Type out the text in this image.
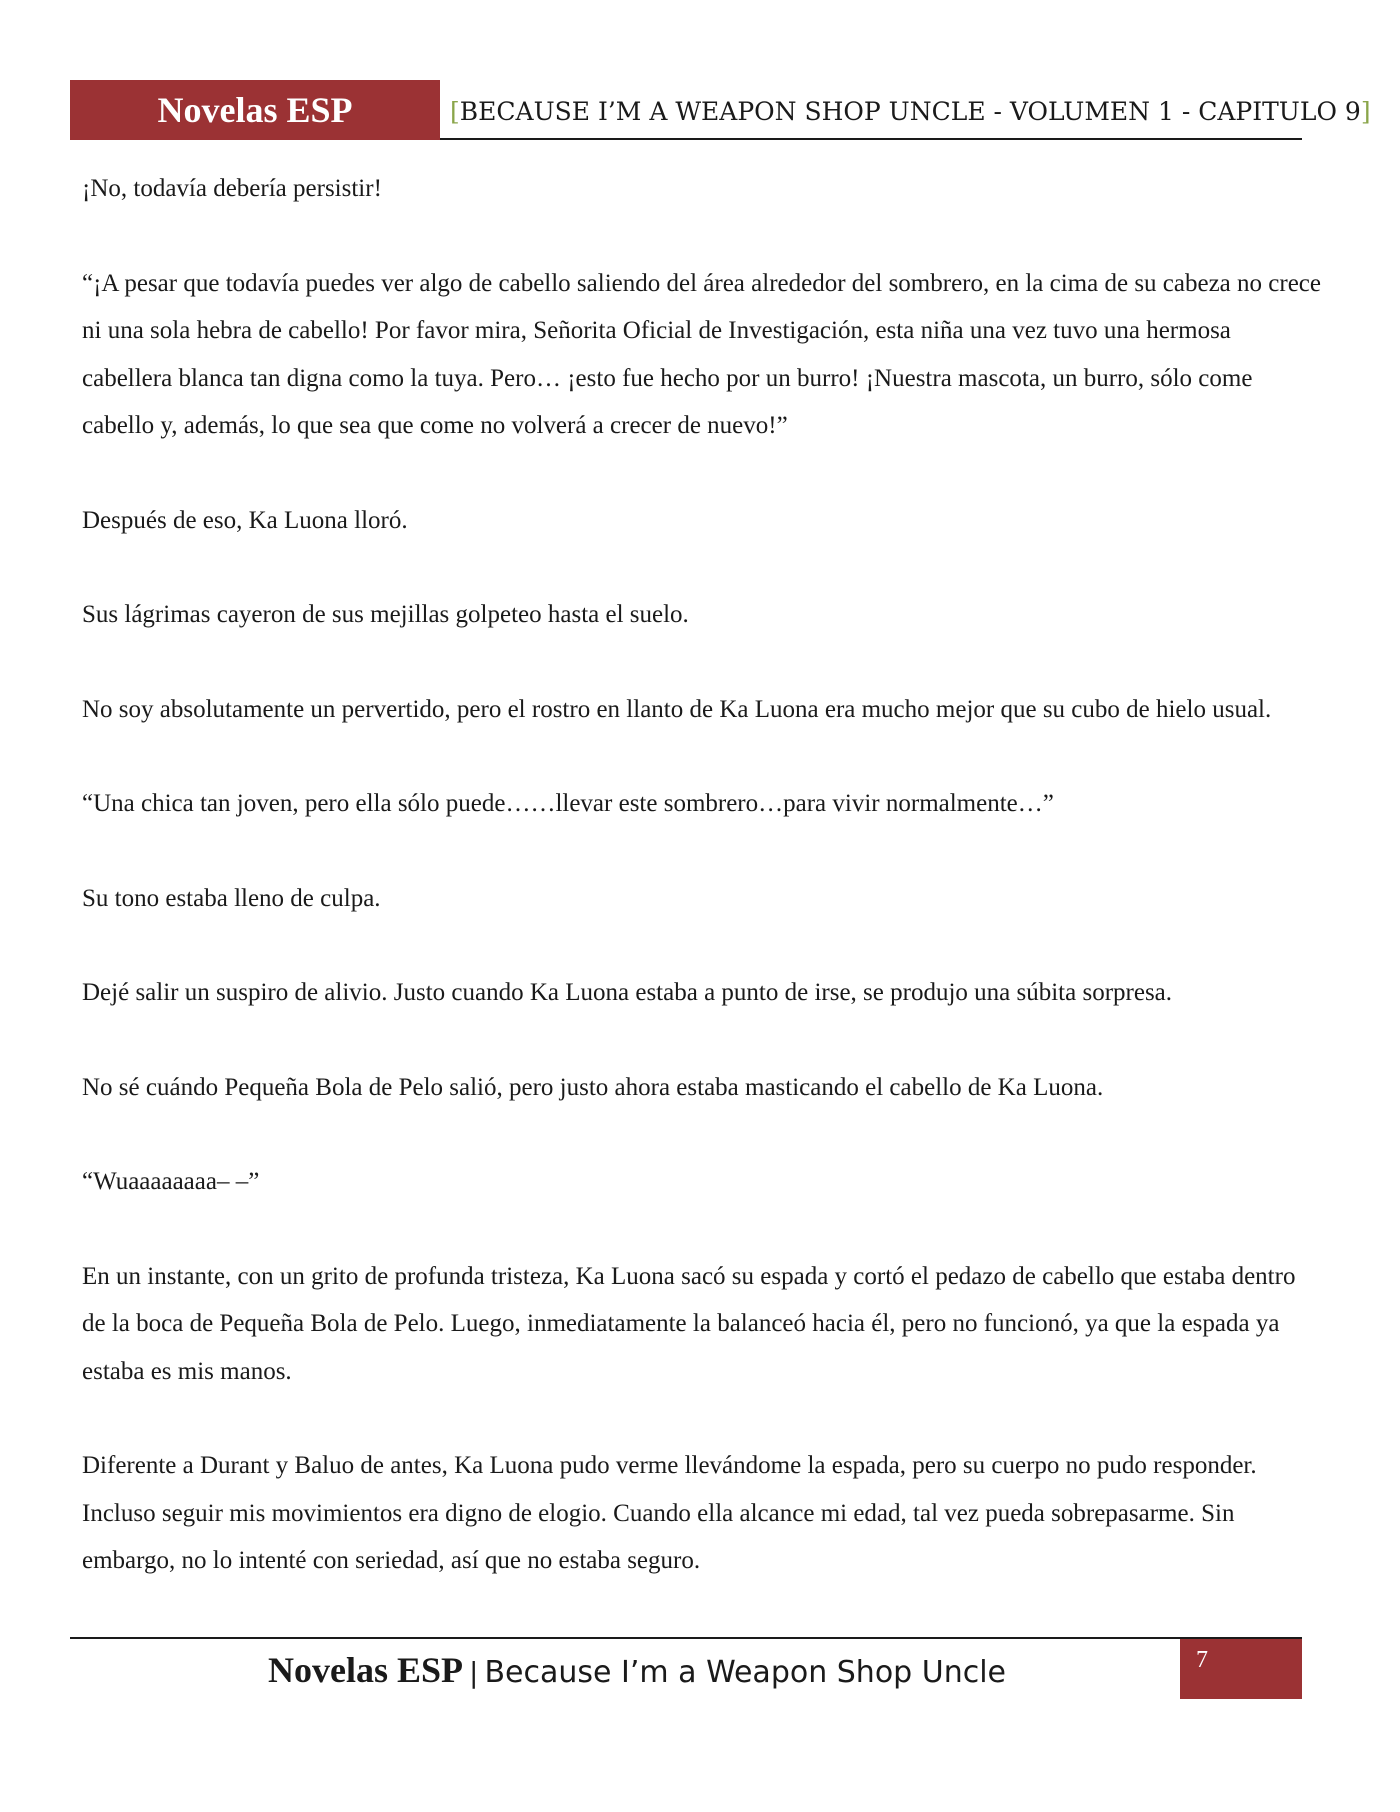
Novelas ESP	[BECAUSE I’M A WEAPON SHOP UNCLE - VOLUMEN 1 - CAPITULO 9]

¡No, todavía debería persistir!

“¡A pesar que todavía puedes ver algo de cabello saliendo del área alrededor del sombrero, en la cima de su cabeza no crece ni una sola hebra de cabello! Por favor mira, Señorita Oficial de Investigación, esta niña una vez tuvo una hermosa cabellera blanca tan digna como la tuya. Pero… ¡esto fue hecho por un burro! ¡Nuestra mascota, un burro, sólo come cabello y, además, lo que sea que come no volverá a crecer de nuevo!”

Después de eso, Ka Luona lloró.

Sus lágrimas cayeron de sus mejillas golpeteo hasta el suelo.

No soy absolutamente un pervertido, pero el rostro en llanto de Ka Luona era mucho mejor que su cubo de hielo usual.

“Una chica tan joven, pero ella sólo puede……llevar este sombrero…para vivir normalmente…”

Su tono estaba lleno de culpa.

Dejé salir un suspiro de alivio. Justo cuando Ka Luona estaba a punto de irse, se produjo una súbita sorpresa.

No sé cuándo Pequeña Bola de Pelo salió, pero justo ahora estaba masticando el cabello de Ka Luona.

“Wuaaaaaaaa– –”

En un instante, con un grito de profunda tristeza, Ka Luona sacó su espada y cortó el pedazo de cabello que estaba dentro de la boca de Pequeña Bola de Pelo. Luego, inmediatamente la balanceó hacia él, pero no funcionó, ya que la espada ya estaba es mis manos.

Diferente a Durant y Baluo de antes, Ka Luona pudo verme llevándome la espada, pero su cuerpo no pudo responder. Incluso seguir mis movimientos era digno de elogio. Cuando ella alcance mi edad, tal vez pueda sobrepasarme. Sin embargo, no lo intenté con seriedad, así que no estaba seguro.

Novelas ESP | Because I’m a Weapon Shop Uncle	7
